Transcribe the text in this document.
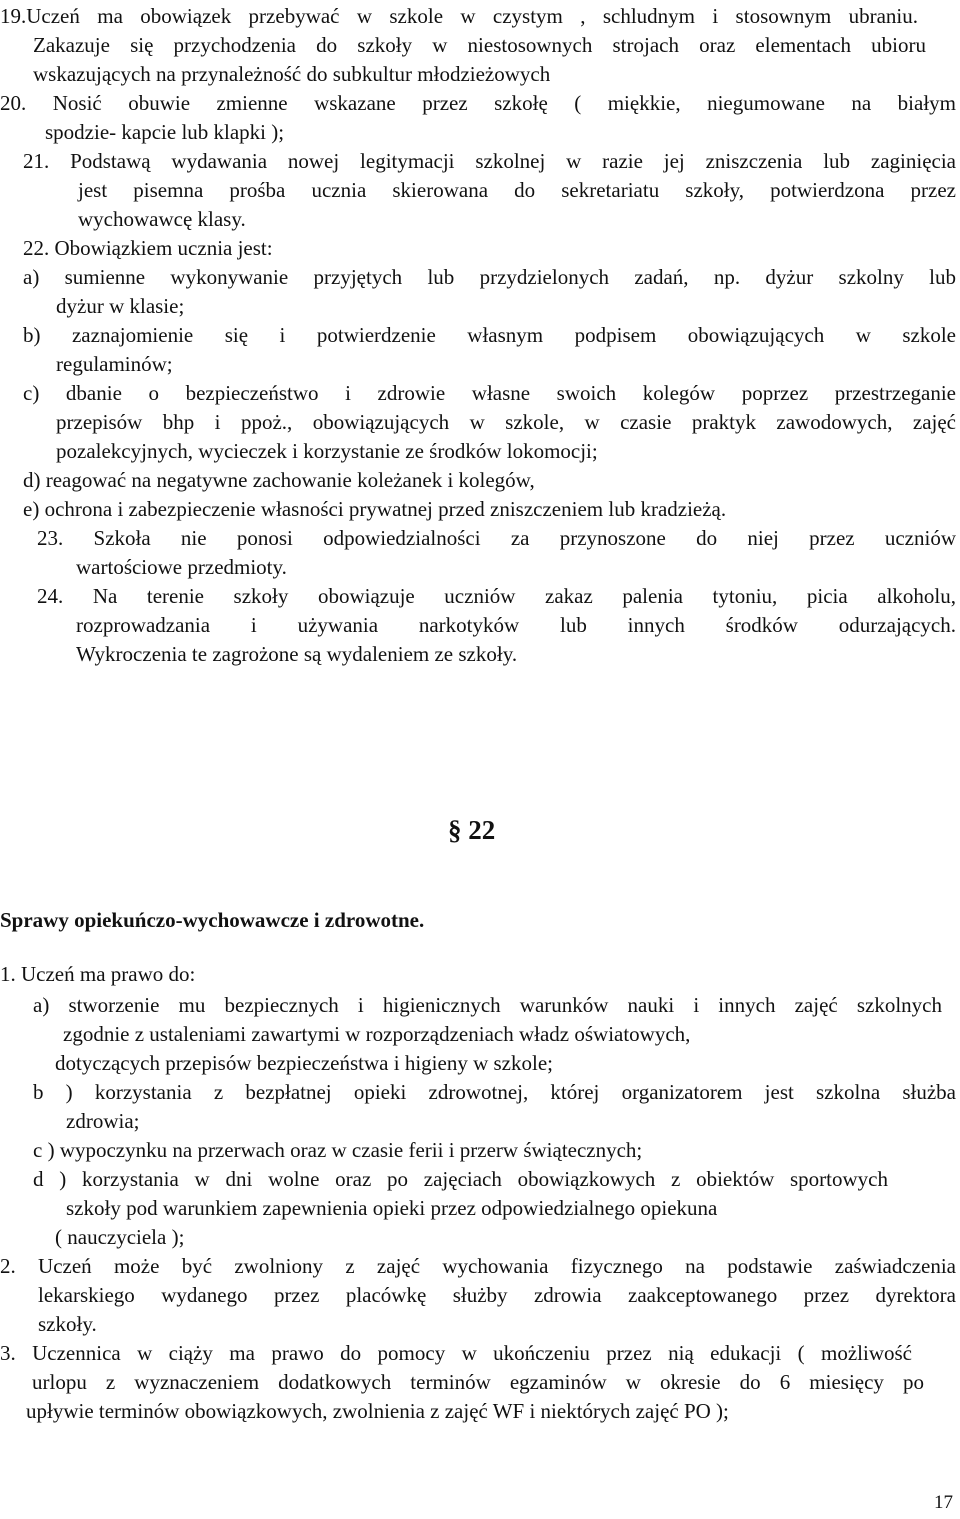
19.Uczeń ma obowiązek przebywać w szkole w czystym , schludnym i stosownym ubraniu.
Zakazuje się przychodzenia do szkoły w niestosownych strojach oraz elementach ubioru
wskazujących na przynależność do subkultur młodzieżowych
20. Nosić obuwie zmienne wskazane przez szkołę ( miękkie, niegumowane na białym
spodzie- kapcie lub klapki );
21. Podstawą wydawania nowej legitymacji szkolnej w razie jej zniszczenia lub zaginięcia
jest pisemna prośba ucznia skierowana do sekretariatu szkoły, potwierdzona przez
wychowawcę klasy.
22. Obowiązkiem ucznia jest:
a) sumienne wykonywanie przyjętych lub przydzielonych zadań, np. dyżur szkolny lub
dyżur w klasie;
b) zaznajomienie się i potwierdzenie własnym podpisem obowiązujących w szkole
regulaminów;
c) dbanie o bezpieczeństwo i zdrowie własne swoich kolegów poprzez przestrzeganie
przepisów bhp i ppoż., obowiązujących w szkole, w czasie praktyk zawodowych, zajęć
pozalekcyjnych, wycieczek i korzystanie ze środków lokomocji;
d) reagować na negatywne zachowanie koleżanek i kolegów,
e) ochrona i zabezpieczenie własności prywatnej przed zniszczeniem lub kradzieżą.
23. Szkoła nie ponosi odpowiedzialności za przynoszone do niej przez uczniów
wartościowe przedmioty.
24. Na terenie szkoły obowiązuje uczniów zakaz palenia tytoniu, picia alkoholu,
rozprowadzania i używania narkotyków lub innych środków odurzających.
Wykroczenia te zagrożone są wydaleniem ze szkoły.
§ 22
Sprawy opiekuńczo-wychowawcze i zdrowotne.
1. Uczeń ma prawo do:
a) stworzenie mu bezpiecznych i higienicznych warunków nauki i innych zajęć szkolnych
zgodnie z ustaleniami zawartymi w rozporządzeniach władz oświatowych,
dotyczących przepisów bezpieczeństwa i higieny w szkole;
b ) korzystania z bezpłatnej opieki zdrowotnej, której organizatorem jest szkolna służba
zdrowia;
c ) wypoczynku na przerwach oraz w czasie ferii i przerw świątecznych;
d ) korzystania w dni wolne oraz po zajęciach obowiązkowych z obiektów sportowych
szkoły pod warunkiem zapewnienia opieki przez odpowiedzialnego opiekuna
( nauczyciela );
2. Uczeń może być zwolniony z zajęć wychowania fizycznego na podstawie zaświadczenia
lekarskiego wydanego przez placówkę służby zdrowia zaakceptowanego przez dyrektora
szkoły.
3. Uczennica w ciąży ma prawo do pomocy w ukończeniu przez nią edukacji ( możliwość
urlopu z wyznaczeniem dodatkowych terminów egzaminów w okresie do 6 miesięcy po
upływie terminów obowiązkowych, zwolnienia z zajęć WF i niektórych zajęć PO );
17
